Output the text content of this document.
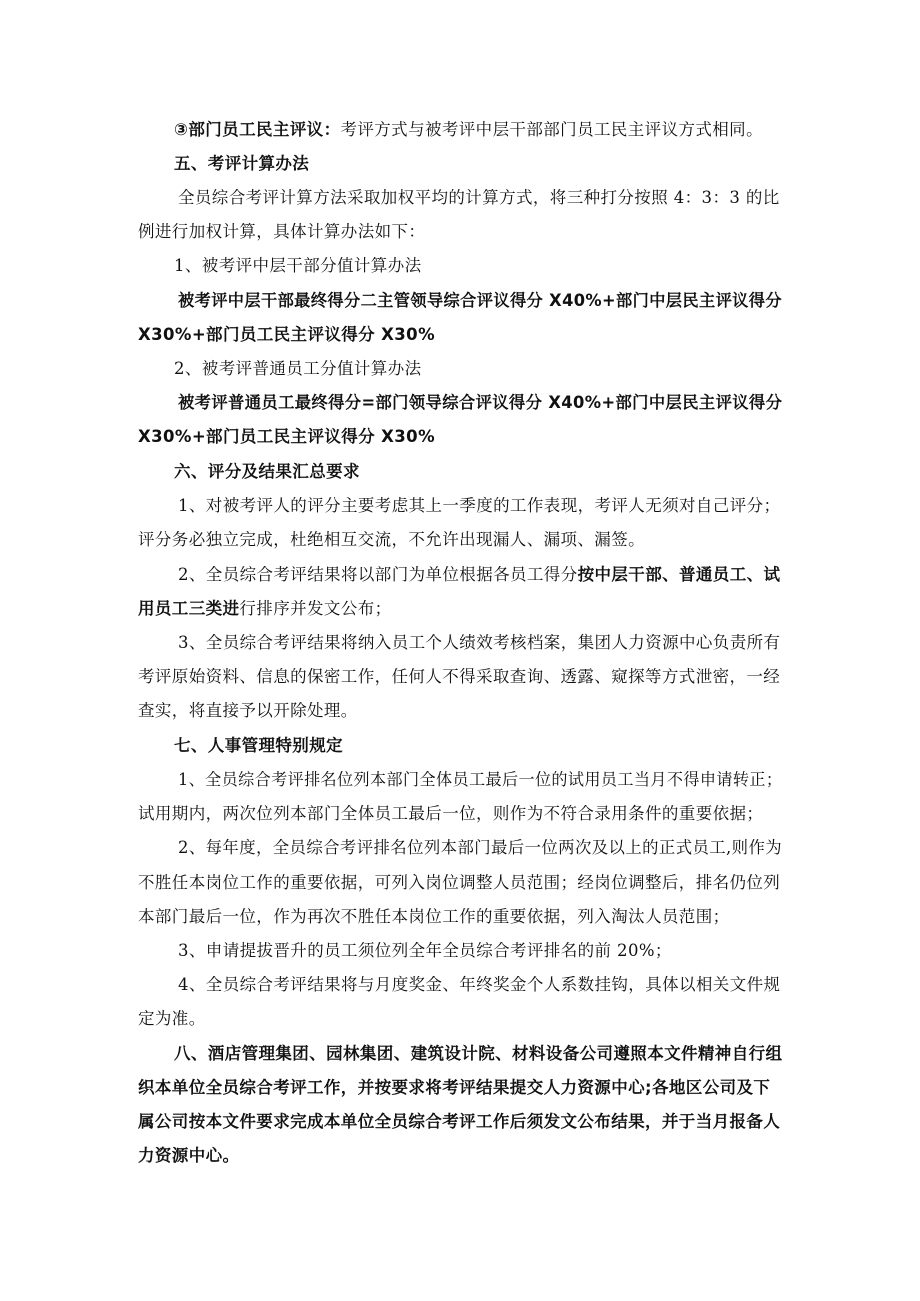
③部门员工民主评议：考评方式与被考评中层干部部门员工民主评议方式相同。
五、考评计算办法
全员综合考评计算方法采取加权平均的计算方式，将三种打分按照 4：3：3 的比
例进行加权计算，具体计算办法如下：
1、被考评中层干部分值计算办法
被考评中层干部最终得分二主管领导综合评议得分 X40%+部门中层民主评议得分
X30%+部门员工民主评议得分 X30%
2、被考评普通员工分值计算办法
被考评普通员工最终得分=部门领导综合评议得分 X40%+部门中层民主评议得分
X30%+部门员工民主评议得分 X30%
六、评分及结果汇总要求
1、对被考评人的评分主要考虑其上一季度的工作表现，考评人无须对自己评分；
评分务必独立完成，杜绝相互交流，不允许出现漏人、漏项、漏签。
2、全员综合考评结果将以部门为单位根据各员工得分按中层干部、普通员工、试
用员工三类进行排序并发文公布；
3、全员综合考评结果将纳入员工个人绩效考核档案，集团人力资源中心负责所有
考评原始资料、信息的保密工作，任何人不得采取查询、透露、窥探等方式泄密，一经
查实，将直接予以开除处理。
七、人事管理特别规定
1、全员综合考评排名位列本部门全体员工最后一位的试用员工当月不得申请转正；
试用期内，两次位列本部门全体员工最后一位，则作为不符合录用条件的重要依据；
2、每年度，全员综合考评排名位列本部门最后一位两次及以上的正式员工,则作为
不胜任本岗位工作的重要依据，可列入岗位调整人员范围；经岗位调整后，排名仍位列
本部门最后一位，作为再次不胜任本岗位工作的重要依据，列入淘汰人员范围；
3、申请提拔晋升的员工须位列全年全员综合考评排名的前 20%；
4、全员综合考评结果将与月度奖金、年终奖金个人系数挂钩，具体以相关文件规
定为准。
八、酒店管理集团、园林集团、建筑设计院、材料设备公司遵照本文件精神自行组
织本单位全员综合考评工作，并按要求将考评结果提交人力资源中心;各地区公司及下
属公司按本文件要求完成本单位全员综合考评工作后须发文公布结果，并于当月报备人
力资源中心。
